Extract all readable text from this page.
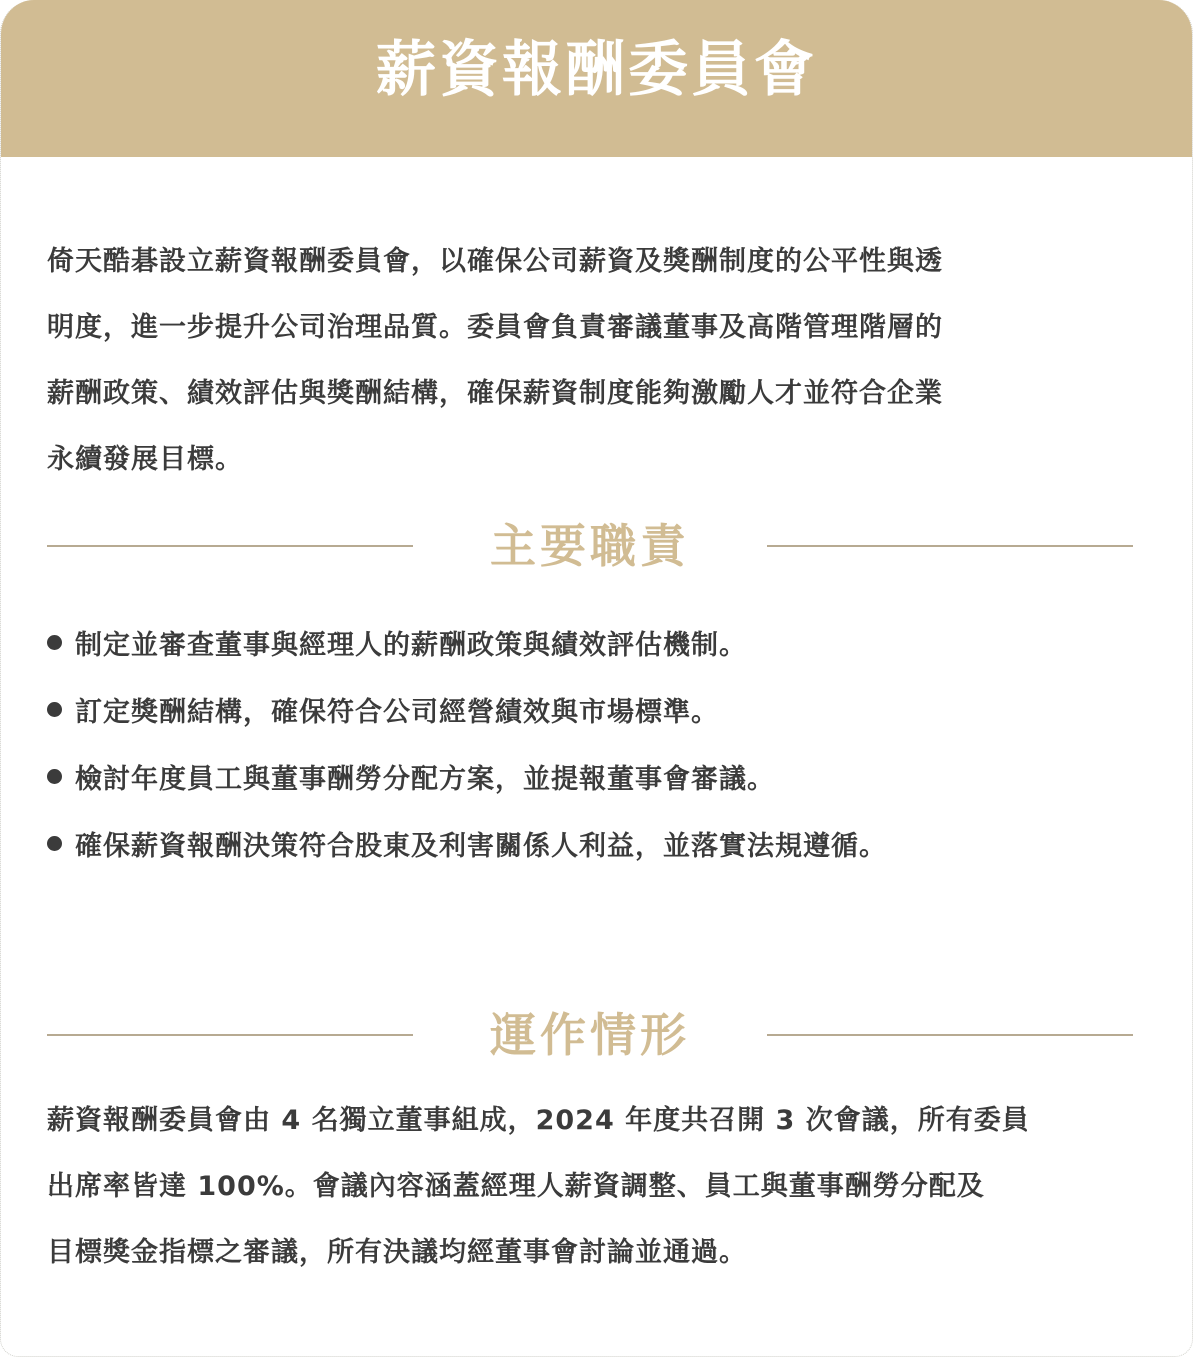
薪資報酬委員會
倚天酷碁設立薪資報酬委員會，以確保公司薪資及獎酬制度的公平性與透
明度，進一步提升公司治理品質。委員會負責審議董事及高階管理階層的
薪酬政策、績效評估與獎酬結構，確保薪資制度能夠激勵人才並符合企業
永續發展目標。
主要職責
制定並審查董事與經理人的薪酬政策與績效評估機制。
訂定獎酬結構，確保符合公司經營績效與市場標準。
檢討年度員工與董事酬勞分配方案，並提報董事會審議。
確保薪資報酬決策符合股東及利害關係人利益，並落實法規遵循。
運作情形
薪資報酬委員會由 4 名獨立董事組成，2024 年度共召開 3 次會議，所有委員
出席率皆達 100%。會議內容涵蓋經理人薪資調整、員工與董事酬勞分配及
目標獎金指標之審議，所有決議均經董事會討論並通過。
